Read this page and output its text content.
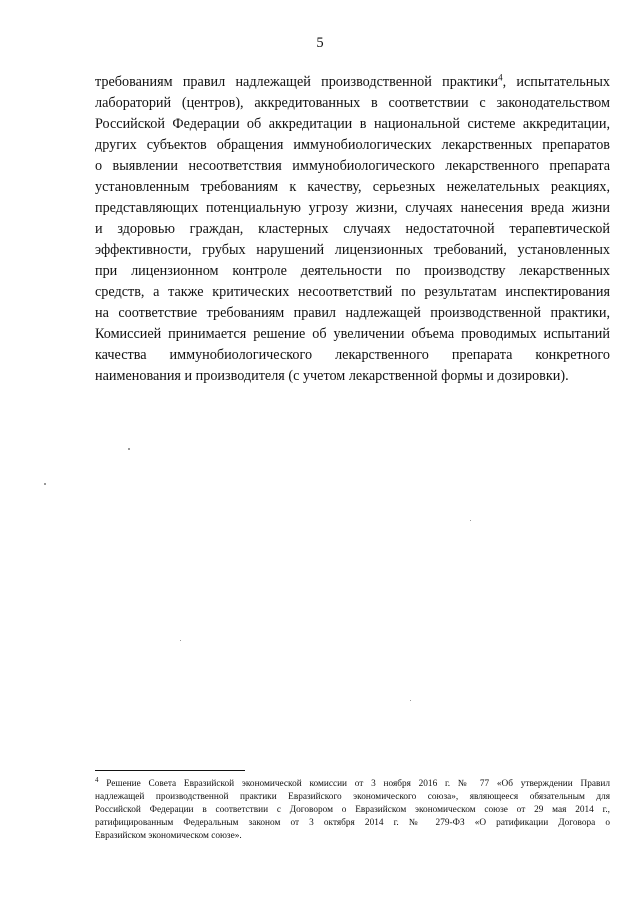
5
требованиям правил надлежащей производственной практики$^4$, испытательных
лабораторий (центров), аккредитованных в соответствии с законодательством
Российской Федерации об аккредитации в национальной системе аккредитации,
других субъектов обращения иммунобиологических лекарственных препаратов
о выявлении несоответствия иммунобиологического лекарственного препарата
установленным требованиям к качеству, серьезных нежелательных реакциях,
представляющих потенциальную угрозу жизни, случаях нанесения вреда жизни
и здоровью граждан, кластерных случаях недостаточной терапевтической
эффективности, грубых нарушений лицензионных требований, установленных
при лицензионном контроле деятельности по производству лекарственных
средств, а также критических несоответствий по результатам инспектирования
на соответствие требованиям правил надлежащей производственной практики,
Комиссией принимается решение об увеличении объема проводимых испытаний
качества иммунобиологического лекарственного препарата конкретного
наименования и производителя (с учетом лекарственной формы и дозировки).
$^4$ Решение Совета Евразийской экономической комиссии от 3 ноября 2016 г. № 77 «Об утверждении Правил
надлежащей производственной практики Евразийского экономического союза», являющееся обязательным для
Российской Федерации в соответствии с Договором о Евразийском экономическом союзе от 29 мая 2014 г.,
ратифицированным Федеральным законом от 3 октября 2014 г. № 279-ФЗ «О ратификации Договора о
Евразийском экономическом союзе».
